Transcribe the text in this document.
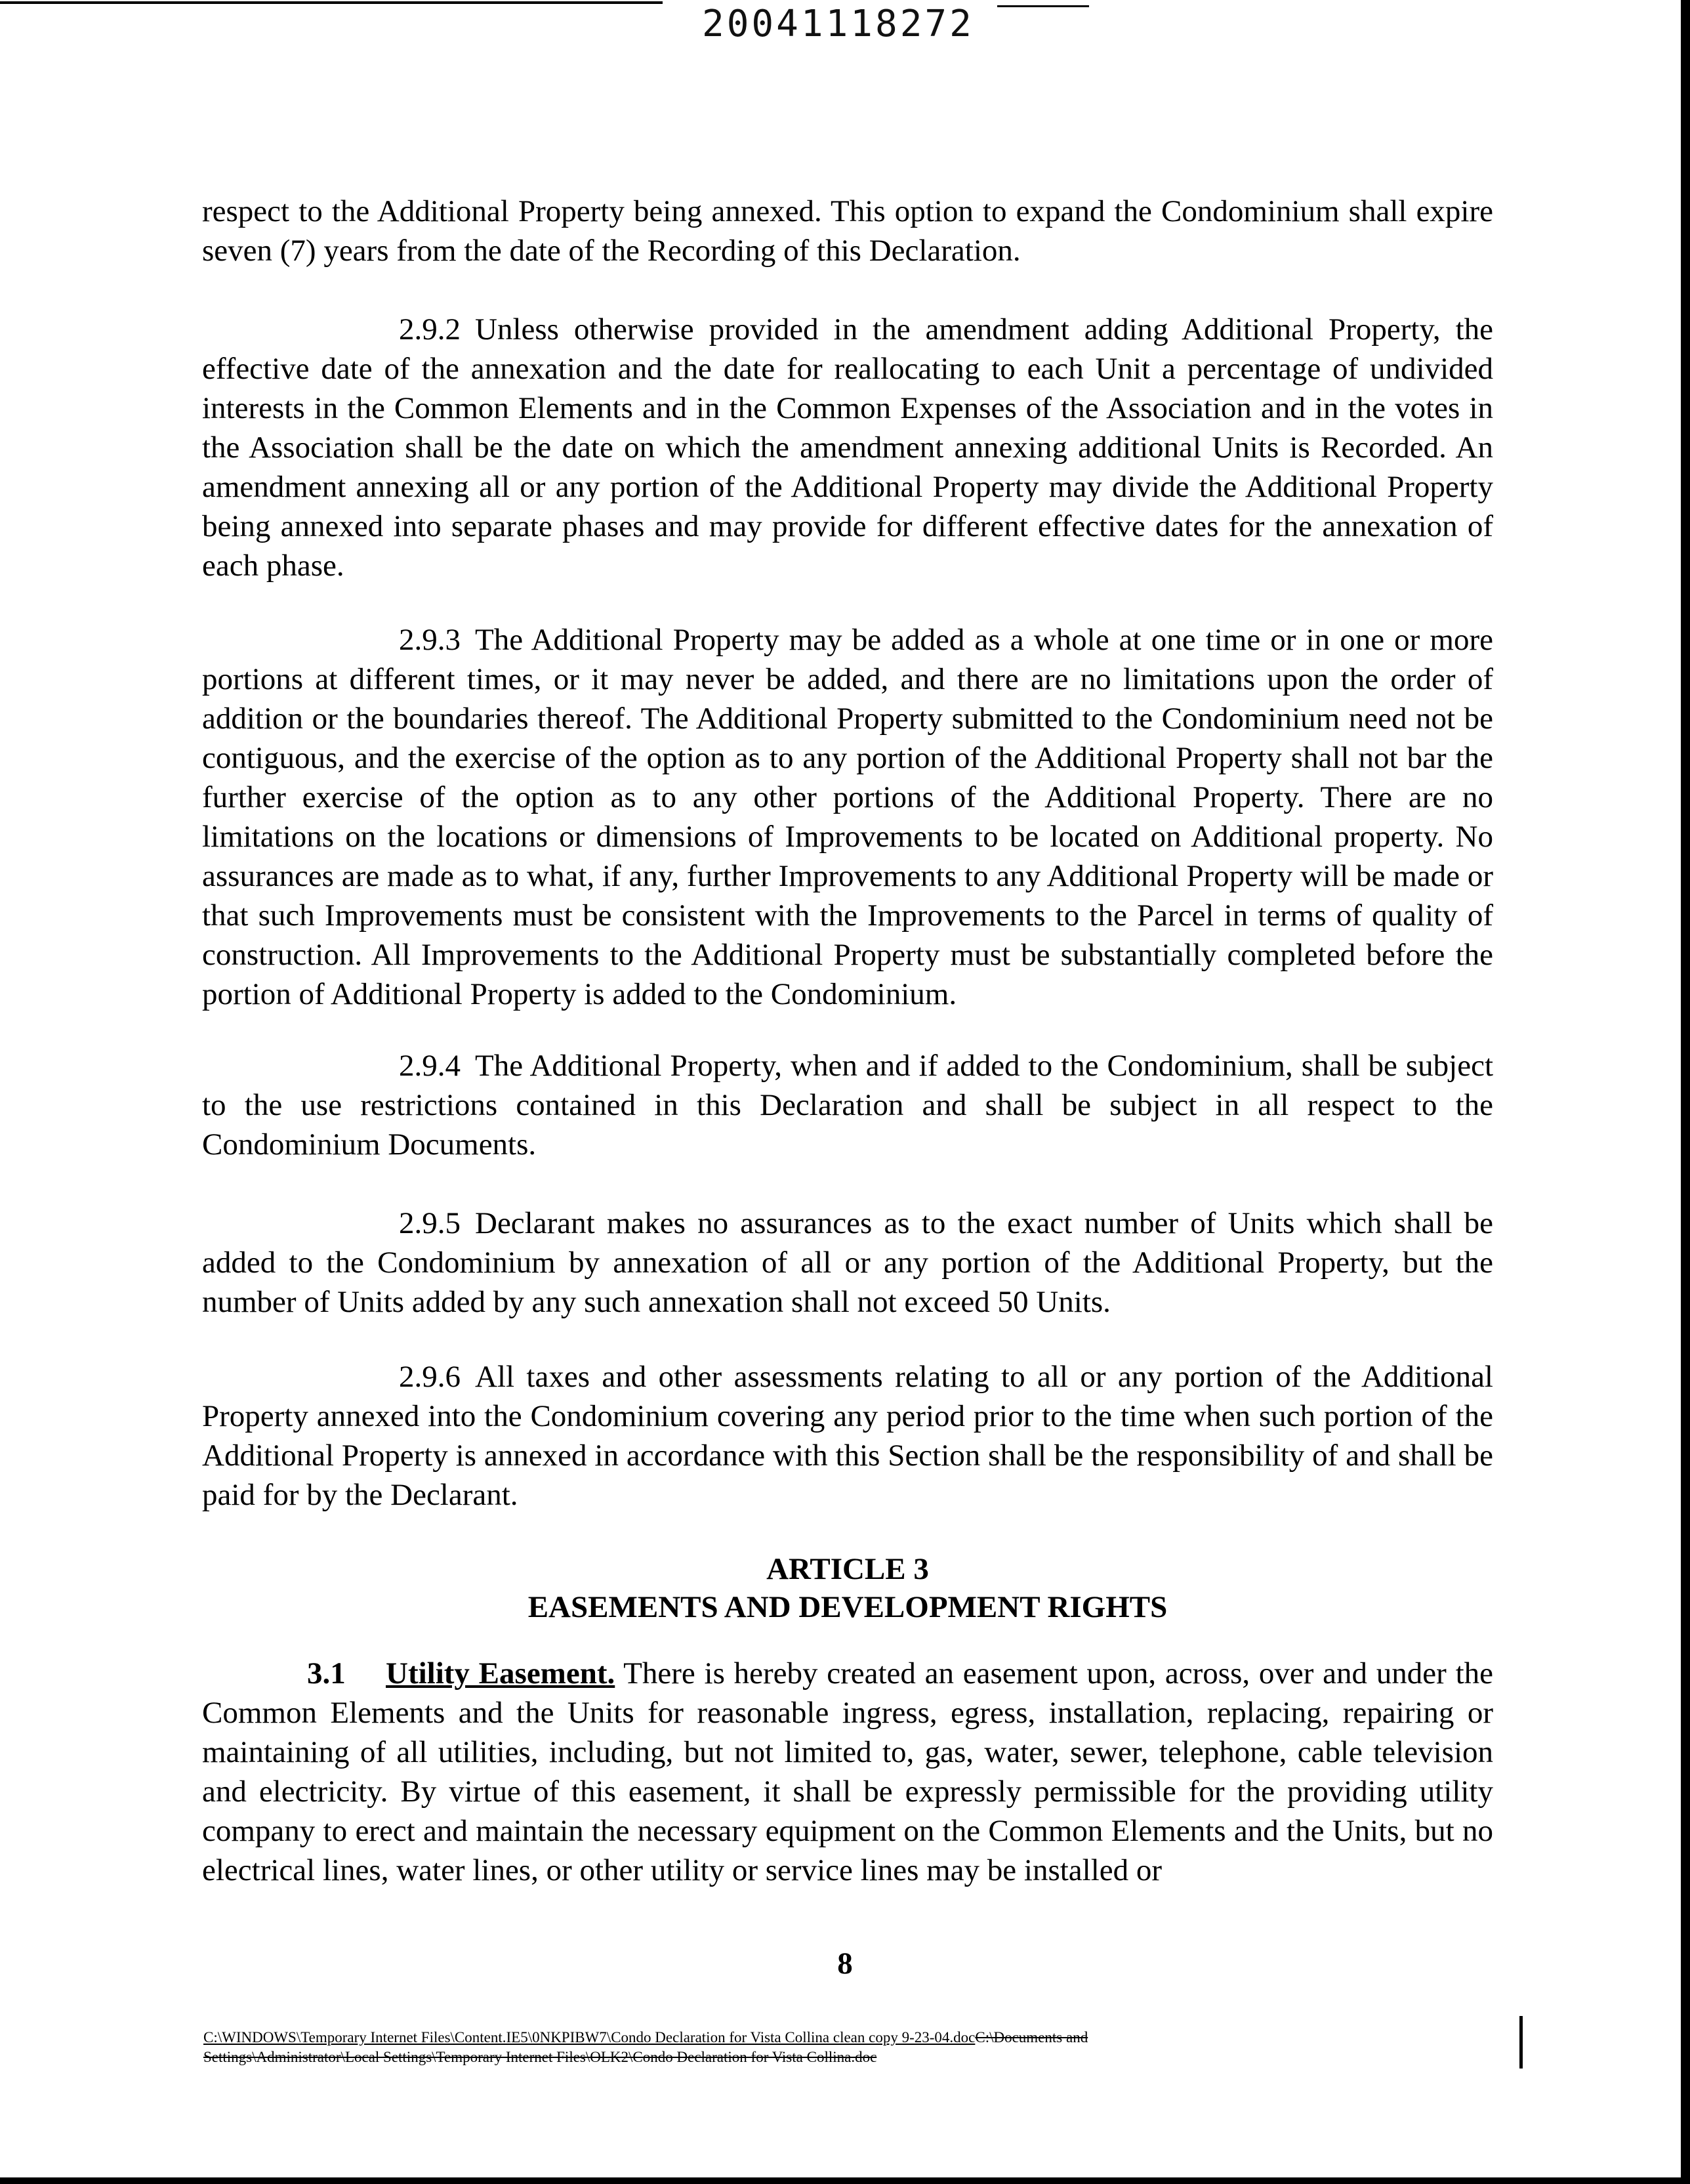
20041118272

respect to the Additional Property being annexed. This option to expand the Condominium shall expire seven (7) years from the date of the Recording of this Declaration.

2.9.2 Unless otherwise provided in the amendment adding Additional Property, the effective date of the annexation and the date for reallocating to each Unit a percentage of undivided interests in the Common Elements and in the Common Expenses of the Association and in the votes in the Association shall be the date on which the amendment annexing additional Units is Recorded. An amendment annexing all or any portion of the Additional Property may divide the Additional Property being annexed into separate phases and may provide for different effective dates for the annexation of each phase.

2.9.3 The Additional Property may be added as a whole at one time or in one or more portions at different times, or it may never be added, and there are no limitations upon the order of addition or the boundaries thereof. The Additional Property submitted to the Condominium need not be contiguous, and the exercise of the option as to any portion of the Additional Property shall not bar the further exercise of the option as to any other portions of the Additional Property. There are no limitations on the locations or dimensions of Improvements to be located on Additional property. No assurances are made as to what, if any, further Improvements to any Additional Property will be made or that such Improvements must be consistent with the Improvements to the Parcel in terms of quality of construction. All Improvements to the Additional Property must be substantially completed before the portion of Additional Property is added to the Condominium.

2.9.4 The Additional Property, when and if added to the Condominium, shall be subject to the use restrictions contained in this Declaration and shall be subject in all respect to the Condominium Documents.

2.9.5 Declarant makes no assurances as to the exact number of Units which shall be added to the Condominium by annexation of all or any portion of the Additional Property, but the number of Units added by any such annexation shall not exceed 50 Units.

2.9.6 All taxes and other assessments relating to all or any portion of the Additional Property annexed into the Condominium covering any period prior to the time when such portion of the Additional Property is annexed in accordance with this Section shall be the responsibility of and shall be paid for by the Declarant.

ARTICLE 3
EASEMENTS AND DEVELOPMENT RIGHTS

3.1 Utility Easement. There is hereby created an easement upon, across, over and under the Common Elements and the Units for reasonable ingress, egress, installation, replacing, repairing or maintaining of all utilities, including, but not limited to, gas, water, sewer, telephone, cable television and electricity. By virtue of this easement, it shall be expressly permissible for the providing utility company to erect and maintain the necessary equipment on the Common Elements and the Units, but no electrical lines, water lines, or other utility or service lines may be installed or

8
C:\WINDOWS\Temporary Internet Files\Content.IE5\0NKPIBW7\Condo Declaration for Vista Collina clean copy 9-23-04.docC:\Documents and
Settings\Administrator\Local Settings\Temporary Internet Files\OLK2\Condo Declaration for Vista Collina.doc
